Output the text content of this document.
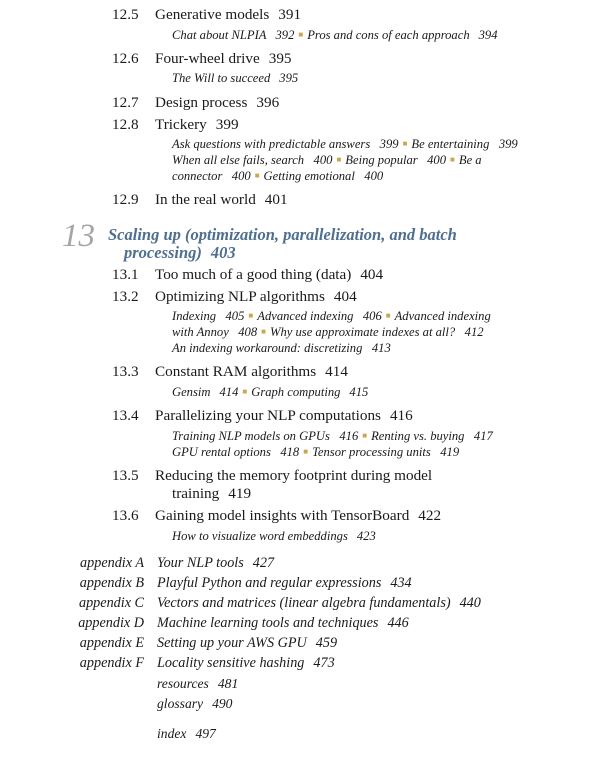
12.5 Generative models 391
Chat about NLPIA 392 ■ Pros and cons of each approach 394
12.6 Four-wheel drive 395
The Will to succeed 395
12.7 Design process 396
12.8 Trickery 399
Ask questions with predictable answers   399 ■ Be entertaining   399
When all else fails, search   400 ■ Being popular   400 ■ Be a
connector   400 ■ Getting emotional   400
12.9 In the real world 401
13 Scaling up (optimization, parallelization, and batch
processing) 403
13.1 Too much of a good thing (data) 404
13.2 Optimizing NLP algorithms 404
Indexing   405 ■ Advanced indexing   406 ■ Advanced indexing
with Annoy   408 ■ Why use approximate indexes at all?   412
An indexing workaround: discretizing   413
13.3 Constant RAM algorithms 414
Gensim 414 ■ Graph computing 415
13.4 Parallelizing your NLP computations 416
Training NLP models on GPUs   416 ■ Renting vs. buying   417
GPU rental options   418 ■ Tensor processing units   419
13.5 Reducing the memory footprint during model
training 419
13.6 Gaining model insights with TensorBoard 422
How to visualize word embeddings 423
appendix A Your NLP tools 427
appendix B Playful Python and regular expressions 434
appendix C Vectors and matrices (linear algebra fundamentals) 440
appendix D Machine learning tools and techniques 446
appendix E Setting up your AWS GPU 459
appendix F Locality sensitive hashing 473
resources 481
glossary 490
index 497
